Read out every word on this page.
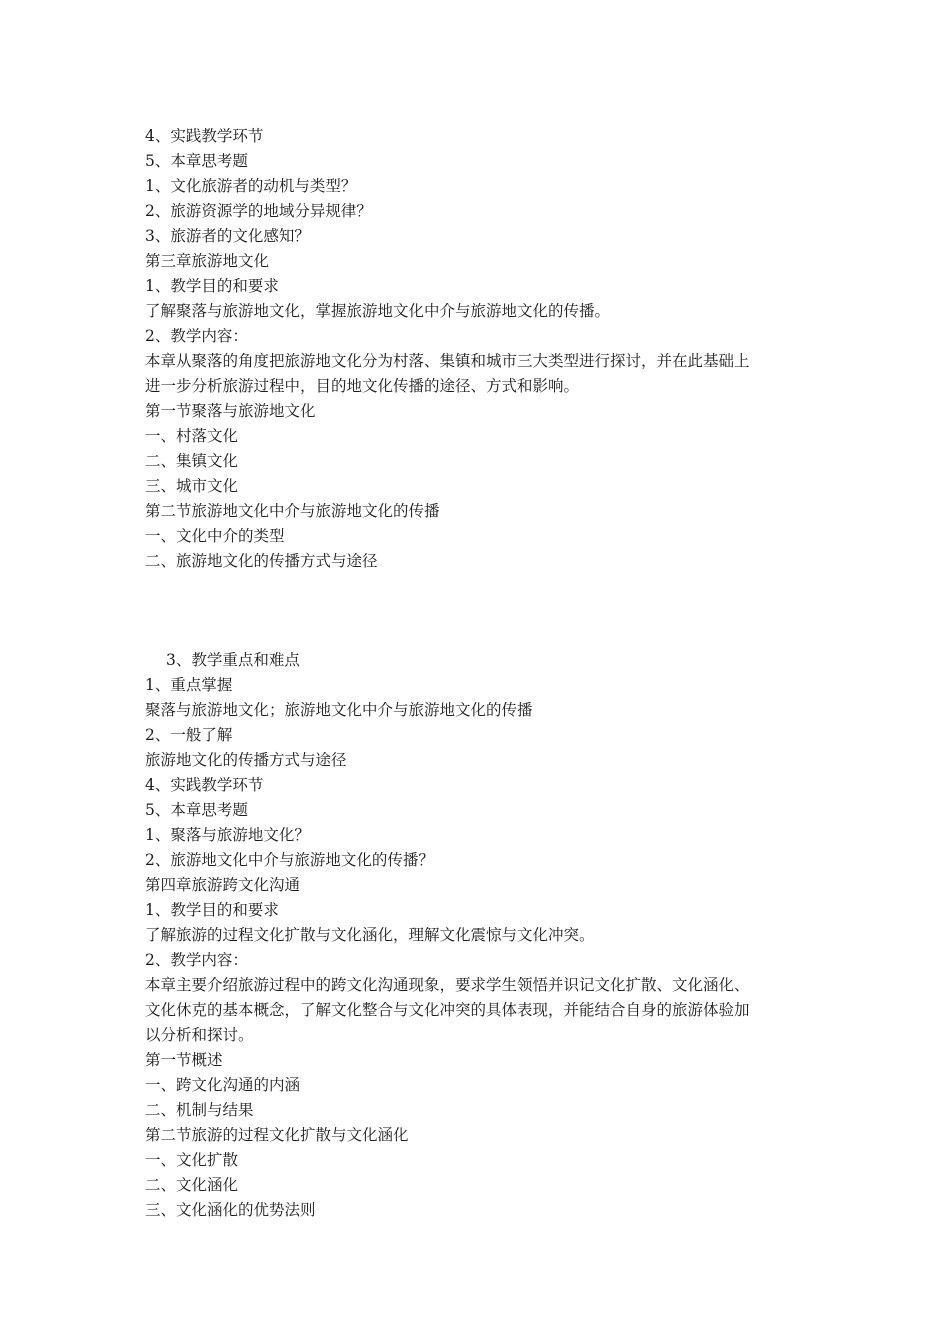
4、实践教学环节
5、本章思考题
1、文化旅游者的动机与类型？
2、旅游资源学的地域分异规律？
3、旅游者的文化感知？
第三章旅游地文化
1、教学目的和要求
了解聚落与旅游地文化，掌握旅游地文化中介与旅游地文化的传播。
2、教学内容：
本章从聚落的角度把旅游地文化分为村落、集镇和城市三大类型进行探讨，并在此基础上
进一步分析旅游过程中，目的地文化传播的途径、方式和影响。
第一节聚落与旅游地文化
一、村落文化
二、集镇文化
三、城市文化
第二节旅游地文化中介与旅游地文化的传播
一、文化中介的类型
二、旅游地文化的传播方式与途径
3、教学重点和难点
1、重点掌握
聚落与旅游地文化；旅游地文化中介与旅游地文化的传播
2、一般了解
旅游地文化的传播方式与途径
4、实践教学环节
5、本章思考题
1、聚落与旅游地文化？
2、旅游地文化中介与旅游地文化的传播？
第四章旅游跨文化沟通
1、教学目的和要求
了解旅游的过程文化扩散与文化涵化，理解文化震惊与文化冲突。
2、教学内容：
本章主要介绍旅游过程中的跨文化沟通现象，要求学生领悟并识记文化扩散、文化涵化、
文化休克的基本概念，了解文化整合与文化冲突的具体表现，并能结合自身的旅游体验加
以分析和探讨。
第一节概述
一、跨文化沟通的内涵
二、机制与结果
第二节旅游的过程文化扩散与文化涵化
一、文化扩散
二、文化涵化
三、文化涵化的优势法则
